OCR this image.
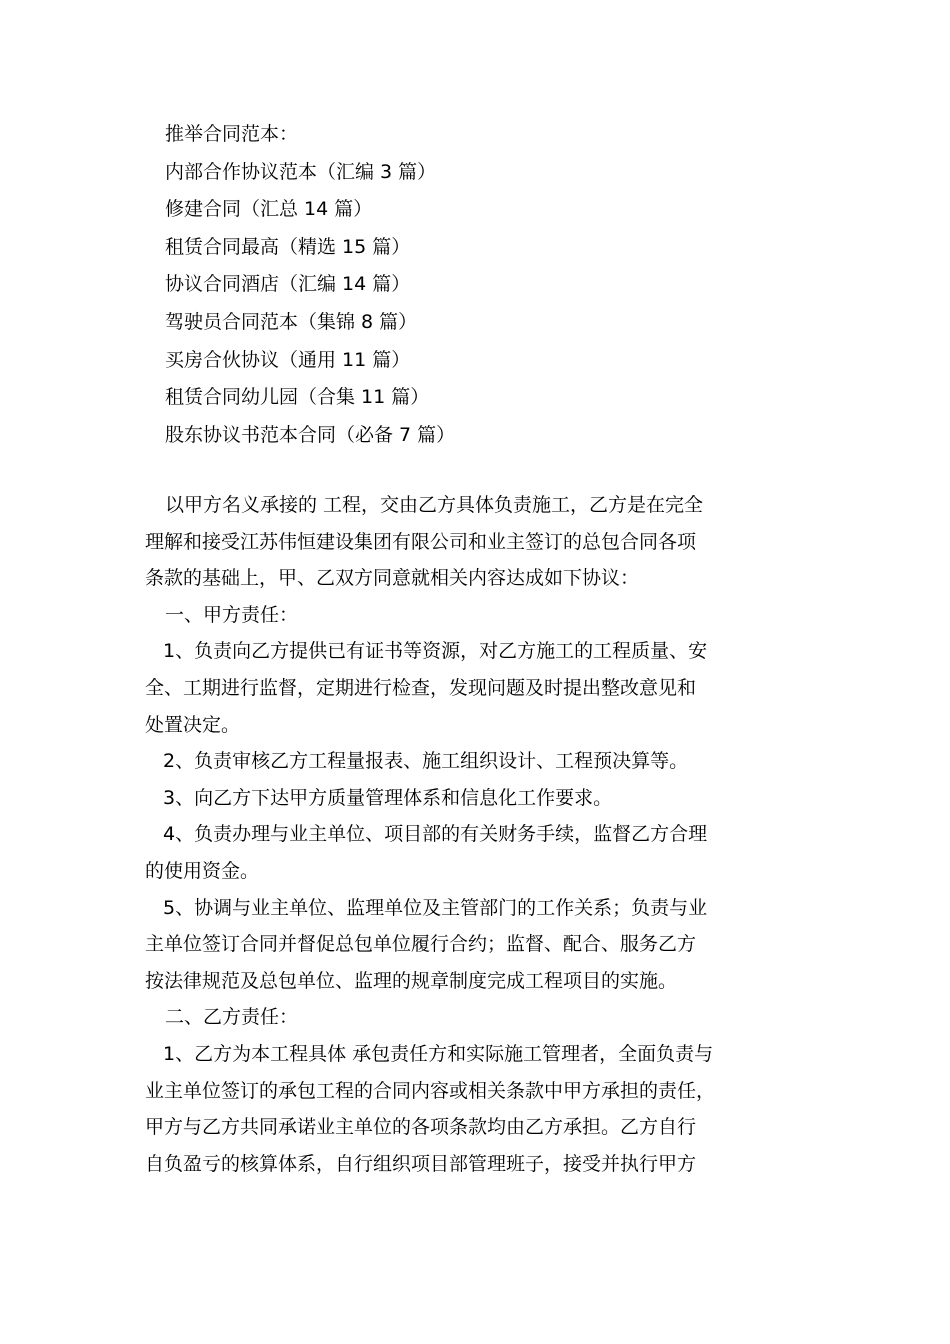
推举合同范本：
内部合作协议范本（汇编 3 篇）
修建合同（汇总 14 篇）
租赁合同最高（精选 15 篇）
协议合同酒店（汇编 14 篇）
驾驶员合同范本（集锦 8 篇）
买房合伙协议（通用 11 篇）
租赁合同幼儿园（合集 11 篇）
股东协议书范本合同（必备 7 篇）
以甲方名义承接的 工程，交由乙方具体负责施工，乙方是在完全
理解和接受江苏伟恒建设集团有限公司和业主签订的总包合同各项
条款的基础上，甲、乙双方同意就相关内容达成如下协议：
一、甲方责任：
1、负责向乙方提供已有证书等资源，对乙方施工的工程质量、安
全、工期进行监督，定期进行检查，发现问题及时提出整改意见和
处置决定。
2、负责审核乙方工程量报表、施工组织设计、工程预决算等。
3、向乙方下达甲方质量管理体系和信息化工作要求。
4、负责办理与业主单位、项目部的有关财务手续，监督乙方合理
的使用资金。
5、协调与业主单位、监理单位及主管部门的工作关系；负责与业
主单位签订合同并督促总包单位履行合约；监督、配合、服务乙方
按法律规范及总包单位、监理的规章制度完成工程项目的实施。
二、乙方责任：
1、乙方为本工程具体 承包责任方和实际施工管理者，全面负责与
业主单位签订的承包工程的合同内容或相关条款中甲方承担的责任，
甲方与乙方共同承诺业主单位的各项条款均由乙方承担。乙方自行
自负盈亏的核算体系，自行组织项目部管理班子，接受并执行甲方
